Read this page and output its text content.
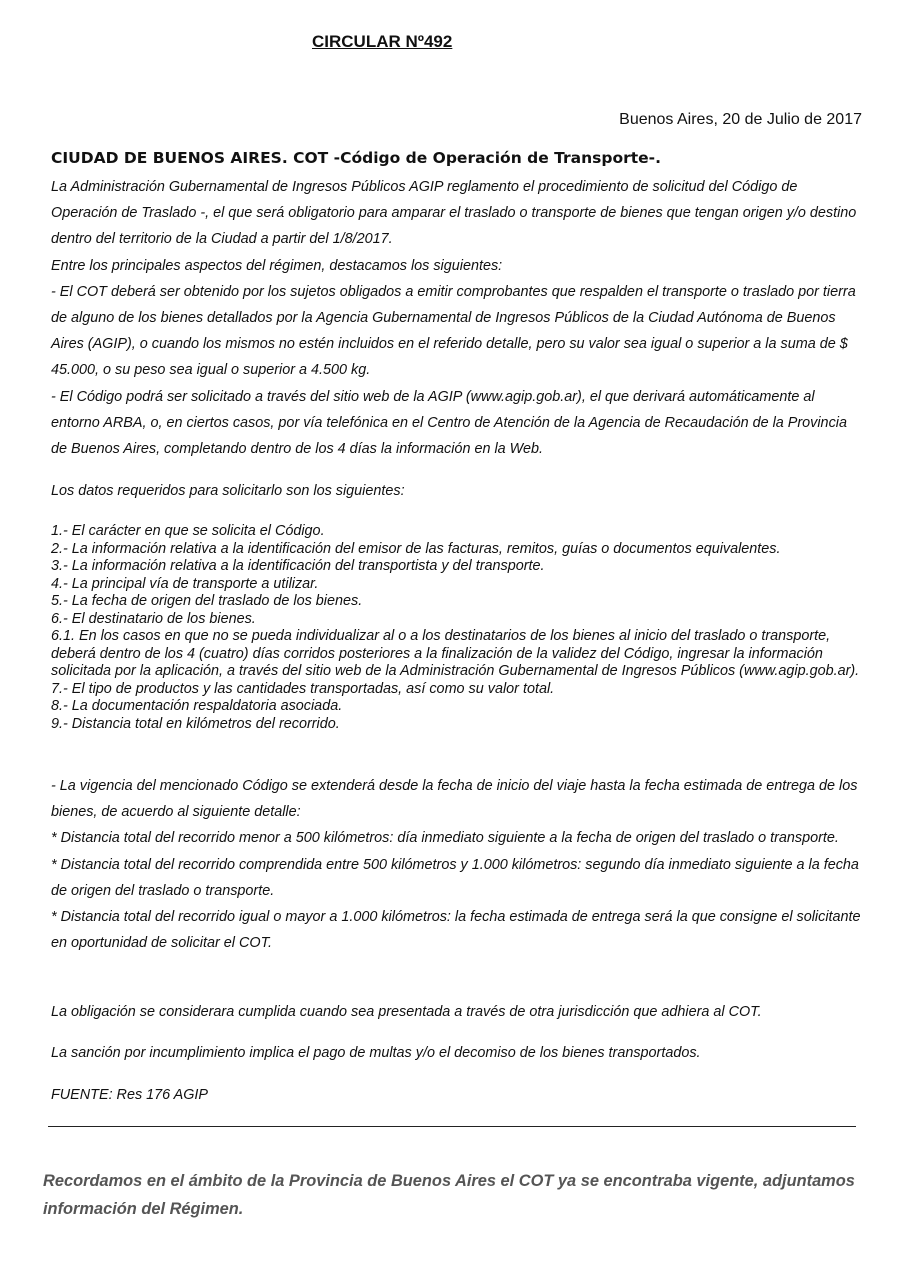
CIRCULAR Nº492
Buenos Aires, 20 de Julio de 2017
CIUDAD DE BUENOS AIRES. COT -Código de Operación de Transporte-.

La Administración Gubernamental de Ingresos Públicos AGIP reglamento el procedimiento de solicitud del Código de Operación de Traslado -, el que será obligatorio para amparar el traslado o transporte de bienes que tengan origen y/o destino dentro del territorio de la Ciudad a partir del 1/8/2017.

Entre los principales aspectos del régimen, destacamos los siguientes:

- El COT deberá ser obtenido por los sujetos obligados a emitir comprobantes que respalden el transporte o traslado por tierra de alguno de los bienes detallados por la Agencia Gubernamental de Ingresos Públicos de la Ciudad Autónoma de Buenos Aires (AGIP), o cuando los mismos no estén incluidos en el referido detalle, pero su valor sea igual o superior a la suma de $ 45.000, o su peso sea igual o superior a 4.500 kg.

- El Código podrá ser solicitado a través del sitio web de la AGIP (www.agip.gob.ar), el que derivará automáticamente al entorno ARBA, o, en ciertos casos, por vía telefónica en el Centro de Atención de la Agencia de Recaudación de la Provincia de Buenos Aires, completando dentro de los 4 días la información en la Web.

Los datos requeridos para solicitarlo son los siguientes:

1.- El carácter en que se solicita el Código.

2.- La información relativa a la identificación del emisor de las facturas, remitos, guías o documentos equivalentes.

3.- La información relativa a la identificación del transportista y del transporte.

4.- La principal vía de transporte a utilizar.

5.- La fecha de origen del traslado de los bienes.

6.- El destinatario de los bienes.

6.1. En los casos en que no se pueda individualizar al o a los destinatarios de los bienes al inicio del traslado o transporte, deberá dentro de los 4 (cuatro) días corridos posteriores a la finalización de la validez del Código, ingresar la información solicitada por la aplicación, a través del sitio web de la Administración Gubernamental de Ingresos Públicos (www.agip.gob.ar).

7.- El tipo de productos y las cantidades transportadas, así como su valor total.

8.- La documentación respaldatoria asociada.

9.- Distancia total en kilómetros del recorrido.

- La vigencia del mencionado Código se extenderá desde la fecha de inicio del viaje hasta la fecha estimada de entrega de los bienes, de acuerdo al siguiente detalle:

* Distancia total del recorrido menor a 500 kilómetros: día inmediato siguiente a la fecha de origen del traslado o transporte.

* Distancia total del recorrido comprendida entre 500 kilómetros y 1.000 kilómetros: segundo día inmediato siguiente a la fecha de origen del traslado o transporte.

* Distancia total del recorrido igual o mayor a 1.000 kilómetros: la fecha estimada de entrega será la que consigne el solicitante en oportunidad de solicitar el COT.

La obligación se considerara cumplida cuando sea presentada a través de otra jurisdicción que adhiera al COT.
La sanción por incumplimiento implica el pago de multas y/o el decomiso de los bienes transportados.
FUENTE: Res 176 AGIP
Recordamos en el ámbito de la Provincia de Buenos Aires el COT ya se encontraba vigente, adjuntamos información del Régimen.
